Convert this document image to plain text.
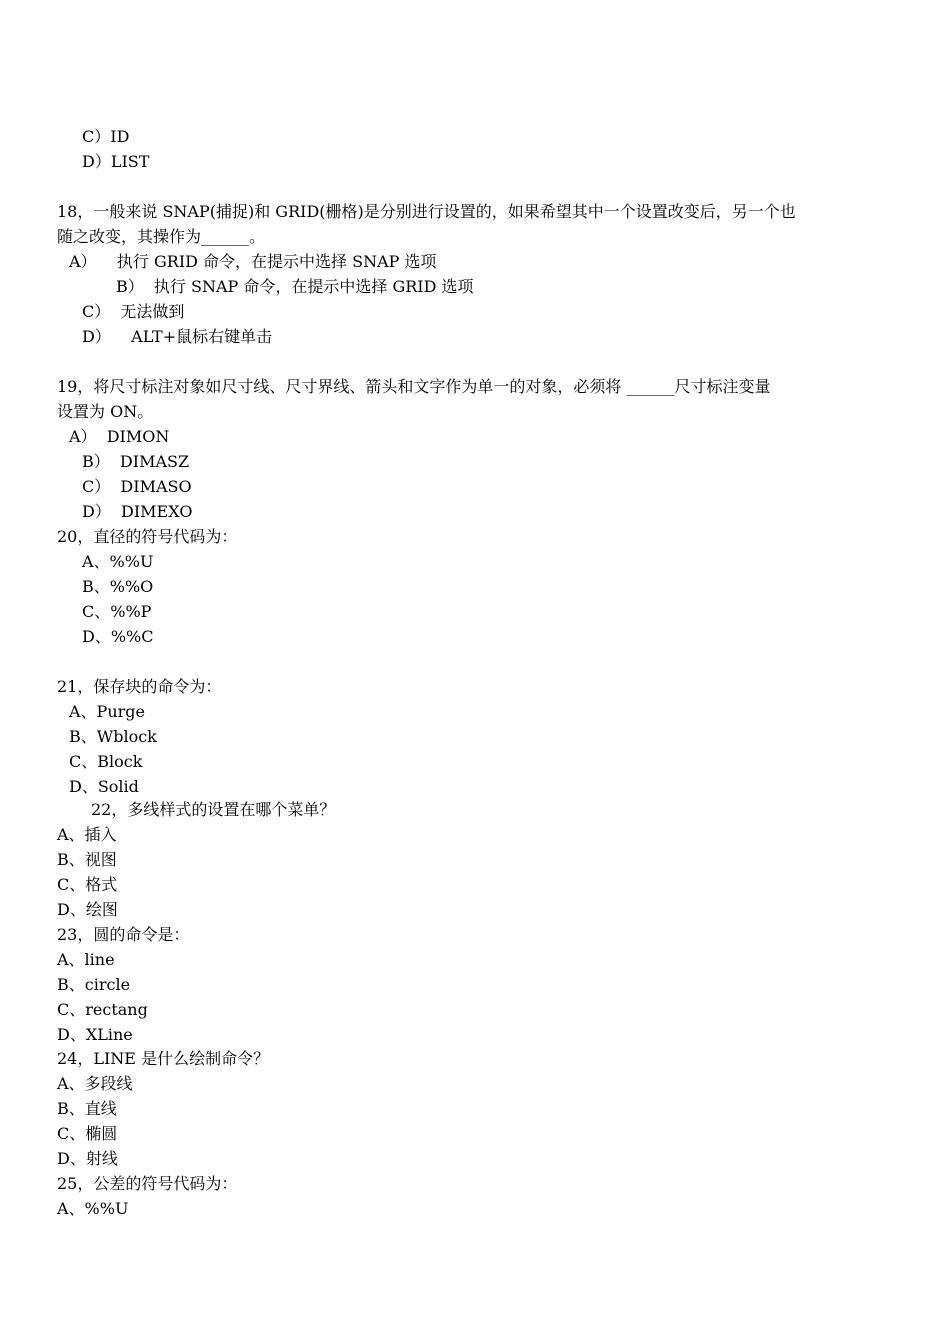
C）ID
D）LIST
18，一般来说 SNAP(捕捉)和 GRID(栅格)是分别进行设置的，如果希望其中一个设置改变后，另一个也
随之改变，其操作为______。
A）    执行 GRID 命令，在提示中选择 SNAP 选项
B）  执行 SNAP 命令，在提示中选择 GRID 选项
C）  无法做到
D）    ALT+鼠标右键单击
19，将尺寸标注对象如尺寸线、尺寸界线、箭头和文字作为单一的对象，必须将 ______尺寸标注变量
设置为 ON。
A）  DIMON
B）  DIMASZ
C）  DIMASO
D）  DIMEXO
20，直径的符号代码为：
A、%%U
B、%%O
C、%%P
D、%%C
21，保存块的命令为：
A、Purge
B、Wblock
C、Block
D、Solid
22，多线样式的设置在哪个菜单？
A、插入
B、视图
C、格式
D、绘图
23，圆的命令是：
A、line
B、circle
C、rectang
D、XLine
24，LINE 是什么绘制命令？
A、多段线
B、直线
C、椭圆
D、射线
25，公差的符号代码为：
A、%%U
